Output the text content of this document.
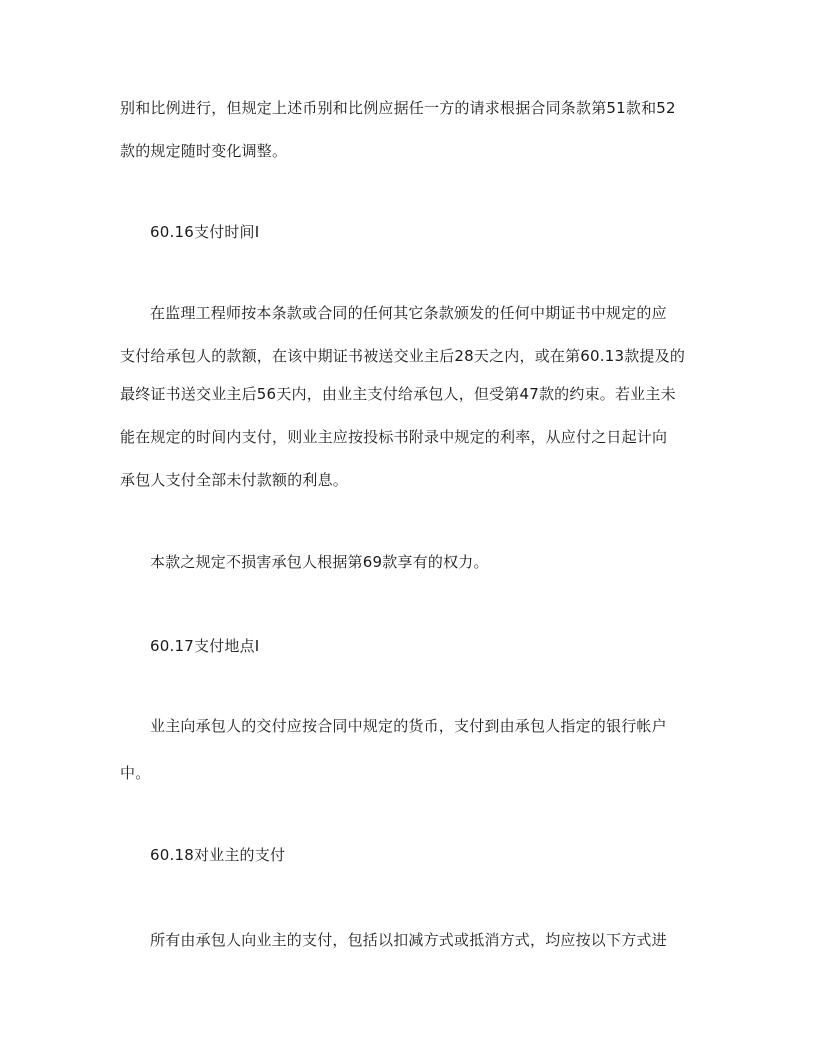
别和比例进行，但规定上述币别和比例应据任一方的请求根据合同条款第51款和52
款的规定随时变化调整。
60.16支付时间I
在监理工程师按本条款或合同的任何其它条款颁发的任何中期证书中规定的应
支付给承包人的款额，在该中期证书被送交业主后28天之内，或在第60.13款提及的
最终证书送交业主后56天内，由业主支付给承包人，但受第47款的约束。若业主未
能在规定的时间内支付，则业主应按投标书附录中规定的利率，从应付之日起计向
承包人支付全部未付款额的利息。
本款之规定不损害承包人根据第69款享有的权力。
60.17支付地点I
业主向承包人的交付应按合同中规定的货币，支付到由承包人指定的银行帐户
中。
60.18对业主的支付
所有由承包人向业主的支付，包括以扣减方式或抵消方式，均应按以下方式进
